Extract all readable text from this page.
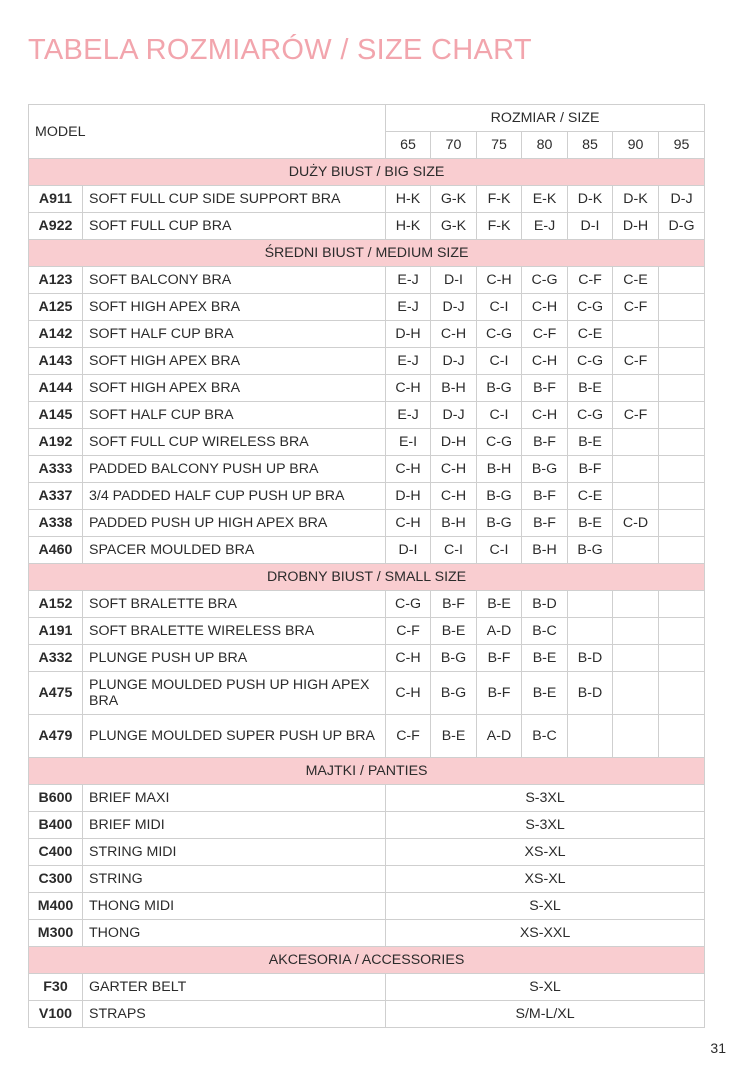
TABELA ROZMIARÓW / SIZE CHART
MODEL		ROZMIAR / SIZE						
		65	70	75	80	85	90	95
DUŻY BIUST / BIG SIZE								
A911	SOFT FULL CUP SIDE SUPPORT BRA	H-K	G-K	F-K	E-K	D-K	D-K	D-J
A922	SOFT FULL CUP BRA	H-K	G-K	F-K	E-J	D-I	D-H	D-G
ŚREDNI BIUST / MEDIUM SIZE								
A123	SOFT BALCONY BRA	E-J	D-I	C-H	C-G	C-F	C-E	
A125	SOFT HIGH APEX BRA	E-J	D-J	C-I	C-H	C-G	C-F	
A142	SOFT HALF CUP BRA	D-H	C-H	C-G	C-F	C-E		
A143	SOFT HIGH APEX BRA	E-J	D-J	C-I	C-H	C-G	C-F	
A144	SOFT HIGH APEX BRA	C-H	B-H	B-G	B-F	B-E		
A145	SOFT HALF CUP BRA	E-J	D-J	C-I	C-H	C-G	C-F	
A192	SOFT FULL CUP WIRELESS BRA	E-I	D-H	C-G	B-F	B-E		
A333	PADDED BALCONY PUSH UP BRA	C-H	C-H	B-H	B-G	B-F		
A337	3/4 PADDED HALF CUP PUSH UP BRA	D-H	C-H	B-G	B-F	C-E		
A338	PADDED PUSH UP HIGH APEX BRA	C-H	B-H	B-G	B-F	B-E	C-D	
A460	SPACER MOULDED BRA	D-I	C-I	C-I	B-H	B-G		
DROBNY BIUST / SMALL SIZE								
A152	SOFT BRALETTE BRA	C-G	B-F	B-E	B-D			
A191	SOFT BRALETTE WIRELESS BRA	C-F	B-E	A-D	B-C			
A332	PLUNGE PUSH UP BRA	C-H	B-G	B-F	B-E	B-D		
A475	PLUNGE MOULDED PUSH UP HIGH APEX BRA	C-H	B-G	B-F	B-E	B-D		
A479	PLUNGE MOULDED SUPER PUSH UP BRA	C-F	B-E	A-D	B-C			
MAJTKI / PANTIES								
B600	BRIEF MAXI	S-3XL						
B400	BRIEF MIDI	S-3XL						
C400	STRING MIDI	XS-XL						
C300	STRING	XS-XL						
M400	THONG MIDI	S-XL						
M300	THONG	XS-XXL						
AKCESORIA / ACCESSORIES								
F30	GARTER BELT	S-XL						
V100	STRAPS	S/M-L/XL						
31
